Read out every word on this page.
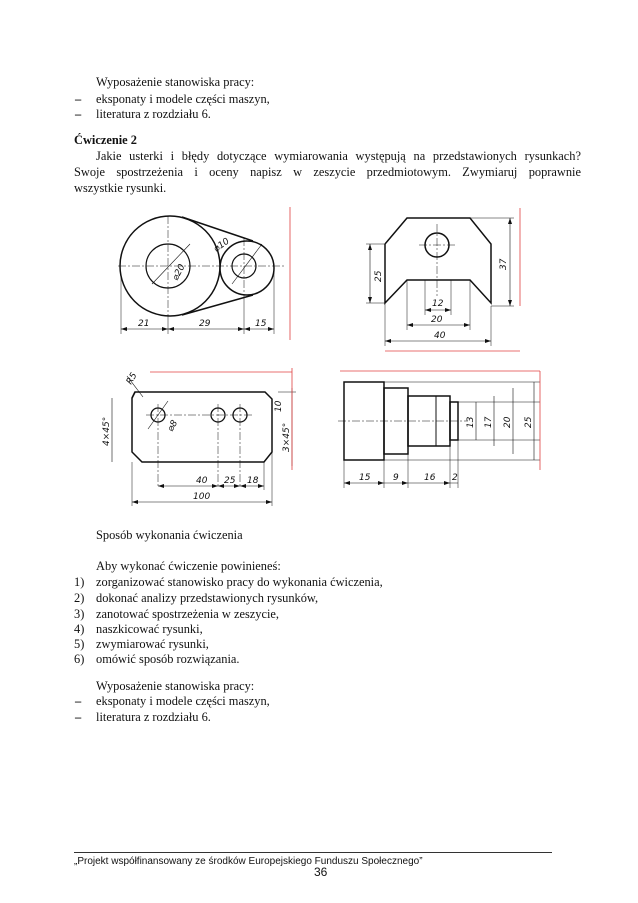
Wyposażenie stanowiska pracy:
– eksponaty i modele części maszyn,
– literatura z rozdziału 6.
Ćwiczenie 2
Jakie usterki i błędy dotyczące wymiarowania występują na przedstawionych rysunkach?
Swoje spostrzeżenia i oceny napisz w zeszycie przedmiotowym. Zwymiaruj poprawnie
wszystkie rysunki.
21	29	15
⌀20
⌀10
25
37
12
20
40
R5
⌀8
4×45°	3×45°
10
40 25 18
100
13 17 20 25
15	9	16 2
Sposób wykonania ćwiczenia
Aby wykonać ćwiczenie powinieneś:
1) zorganizować stanowisko pracy do wykonania ćwiczenia,
2) dokonać analizy przedstawionych rysunków,
3) zanotować spostrzeżenia w zeszycie,
4) naszkicować rysunki,
5) zwymiarować rysunki,
6) omówić sposób rozwiązania.
Wyposażenie stanowiska pracy:
– eksponaty i modele części maszyn,
– literatura z rozdziału 6.
„Projekt współfinansowany ze środków Europejskiego Funduszu Społecznego”
36
